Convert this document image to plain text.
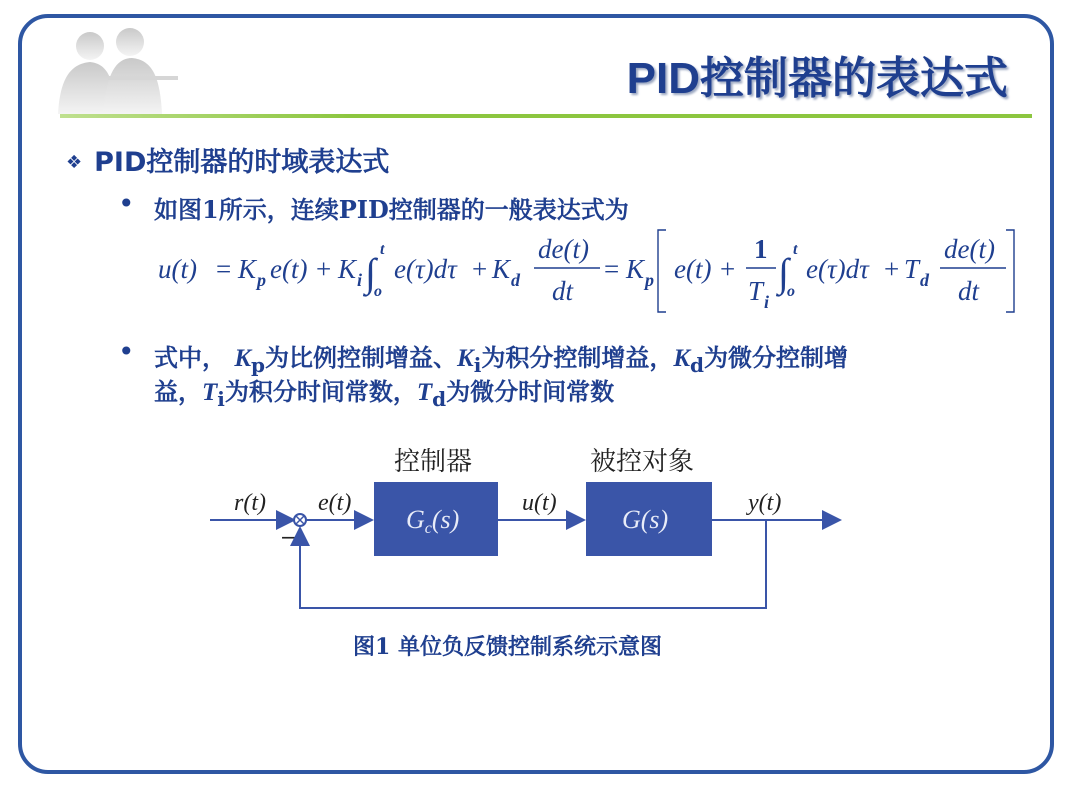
PID控制器的表达式
❖ PID控制器的时域表达式
• 如图1所示，连续PID控制器的一般表达式为
u(t) = K p e(t) + K i ∫
t
o
e(τ)dτ + K d
de(t)
dt
= K p e(t) +
1
T i
∫
t
o
e(τ)dτ + T d
de(t)
dt
• 式中， $K_p$为比例控制增益、$K_i$为积分控制增益，$K_d$为微分控制增
益，$T_i$为积分时间常数，$T_d$为微分时间常数
控制器	被控对象
r(t) e(t)	u(t)	y(t)
−
Gc(s)	G(s)
图1 单位负反馈控制系统示意图
